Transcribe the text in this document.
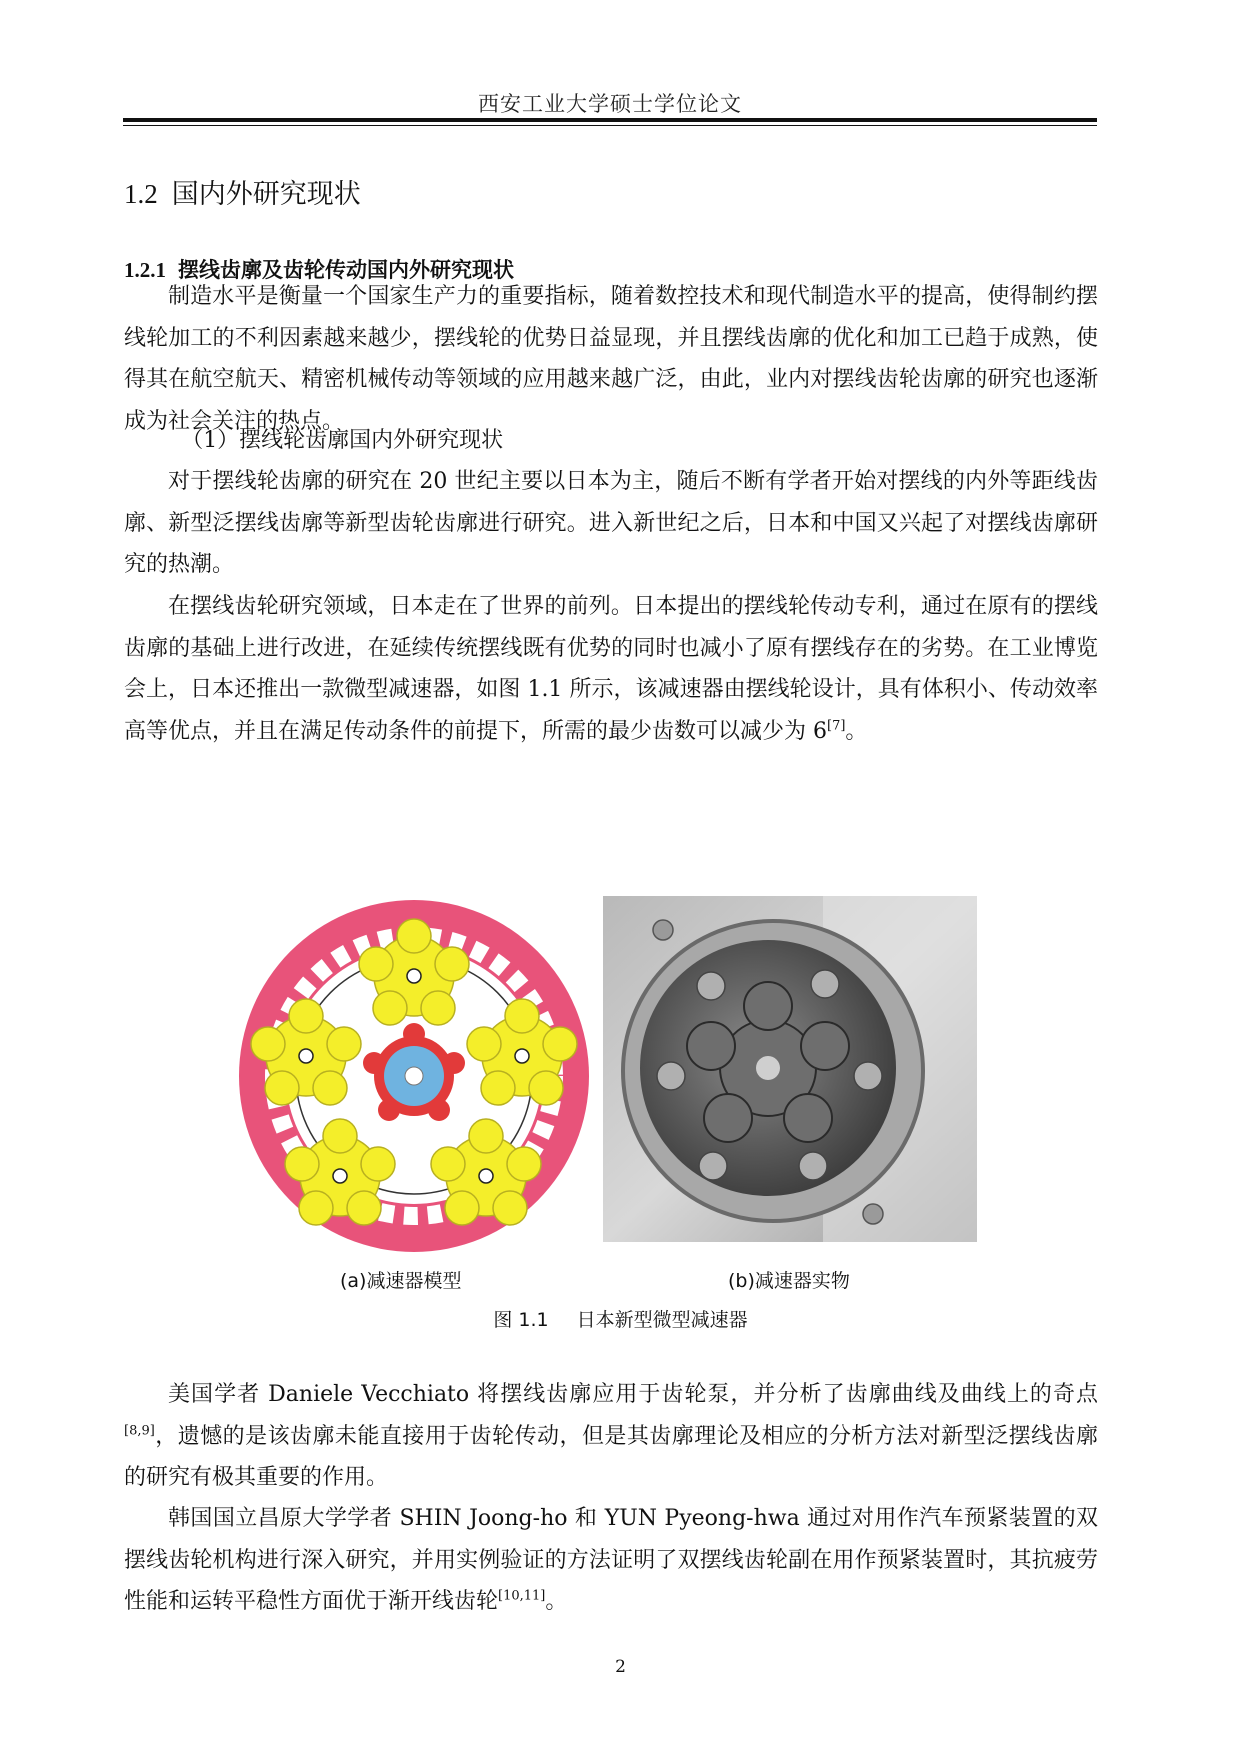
西安工业大学硕士学位论文
1.2 国内外研究现状
1.2.1 摆线齿廓及齿轮传动国内外研究现状

制造水平是衡量一个国家生产力的重要指标，随着数控技术和现代制造水平的提高，使得制约摆线轮加工的不利因素越来越少，摆线轮的优势日益显现，并且摆线齿廓的优化和加工已趋于成熟，使得其在航空航天、精密机械传动等领域的应用越来越广泛，由此，业内对摆线齿轮齿廓的研究也逐渐成为社会关注的热点。

（1）摆线轮齿廓国内外研究现状

对于摆线轮齿廓的研究在 20 世纪主要以日本为主，随后不断有学者开始对摆线的内外等距线齿廓、新型泛摆线齿廓等新型齿轮齿廓进行研究。进入新世纪之后，日本和中国又兴起了对摆线齿廓研究的热潮。

在摆线齿轮研究领域，日本走在了世界的前列。日本提出的摆线轮传动专利，通过在原有的摆线齿廓的基础上进行改进，在延续传统摆线既有优势的同时也减小了原有摆线存在的劣势。在工业博览会上，日本还推出一款微型减速器，如图 1.1 所示，该减速器由摆线轮设计，具有体积小、传动效率高等优点，并且在满足传动条件的前提下，所需的最少齿数可以减少为 6[7]。

(a)减速器模型	(b)减速器实物
图 1.1 日本新型微型减速器

美国学者 Daniele Vecchiato 将摆线齿廓应用于齿轮泵，并分析了齿廓曲线及曲线上的奇点[8,9]，遗憾的是该齿廓未能直接用于齿轮传动，但是其齿廓理论及相应的分析方法对新型泛摆线齿廓的研究有极其重要的作用。

韩国国立昌原大学学者 SHIN Joong-ho 和 YUN Pyeong-hwa 通过对用作汽车预紧装置的双摆线齿轮机构进行深入研究，并用实例验证的方法证明了双摆线齿轮副在用作预紧装置时，其抗疲劳性能和运转平稳性方面优于渐开线齿轮[10,11]。

2
